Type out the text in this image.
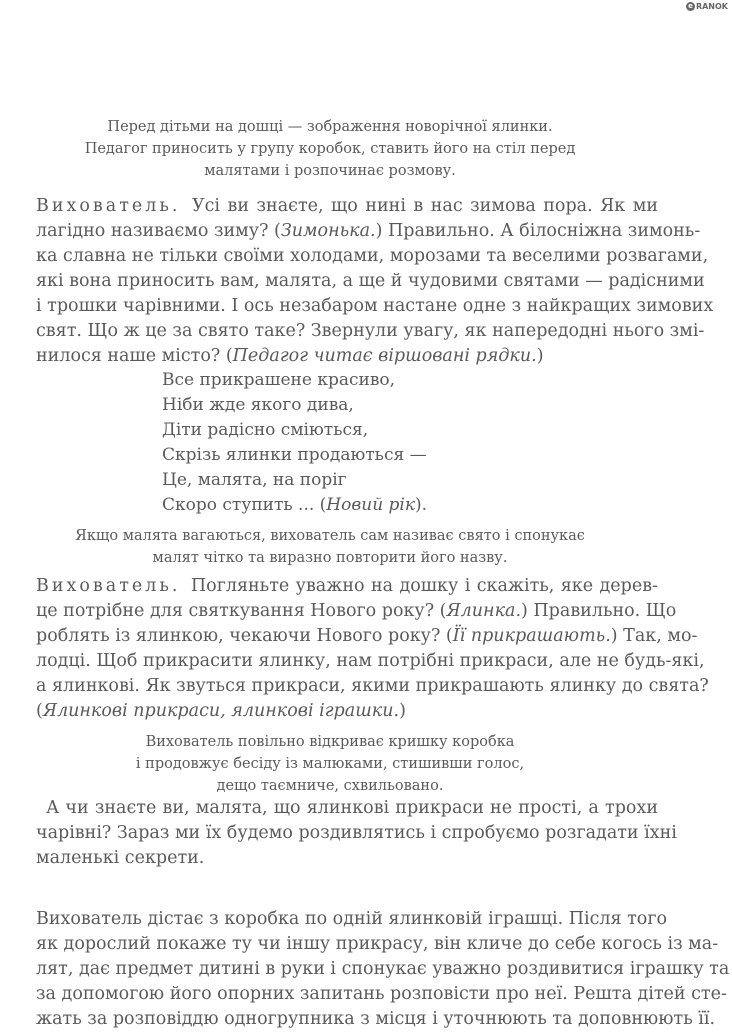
e RANOK
Перед дітьми на дошці — зображення новорічної ялинки.
Педагог приносить у групу коробок, ставить його на стіл перед
малятами і розпочинає розмову.
Вихователь. Усі ви знаєте, що нині в нас зимова пора. Як ми
лагідно називаємо зиму? (Зимонька.) Правильно. А білосніжна зимонь-
ка славна не тільки своїми холодами, морозами та веселими розвагами,
які вона приносить вам, малята, а ще й чудовими святами — радісними
і трошки чарівними. І ось незабаром настане одне з найкращих зимових
свят. Що ж це за свято таке? Звернули увагу, як напередодні нього змі-
нилося наше місто? (Педагог читає віршовані рядки.)
Все прикрашене красиво,
Ніби жде якого дива,
Діти радісно сміються,
Скрізь ялинки продаються —
Це, малята, на поріг
Скоро ступить ... (Новий рік).
Якщо малята вагаються, вихователь сам називає свято і спонукає
малят чітко та виразно повторити його назву.
Вихователь. Погляньте уважно на дошку і скажіть, яке дерев-
це потрібне для святкування Нового року? (Ялинка.) Правильно. Що
роблять із ялинкою, чекаючи Нового року? (Її прикрашають.) Так, мо-
лодці. Щоб прикрасити ялинку, нам потрібні прикраси, але не будь-які,
а ялинкові. Як звуться прикраси, якими прикрашають ялинку до свята?
(Ялинкові прикраси, ялинкові іграшки.)
Вихователь повільно відкриває кришку коробка
і продовжує бесіду із малюками, стишивши голос,
дещо таємниче, схвильовано.
А чи знаєте ви, малята, що ялинкові прикраси не прості, а трохи
чарівні? Зараз ми їх будемо роздивлятись і спробуємо розгадати їхні
маленькі секрети.
Вихователь дістає з коробка по одній ялинковій іграшці. Після того
як дорослий покаже ту чи іншу прикрасу, він кличе до себе когось із ма-
лят, дає предмет дитині в руки і спонукає уважно роздивитися іграшку та
за допомогою його опорних запитань розповісти про неї. Решта дітей сте-
жать за розповіддю одногрупника з місця і уточнюють та доповнюють її.
